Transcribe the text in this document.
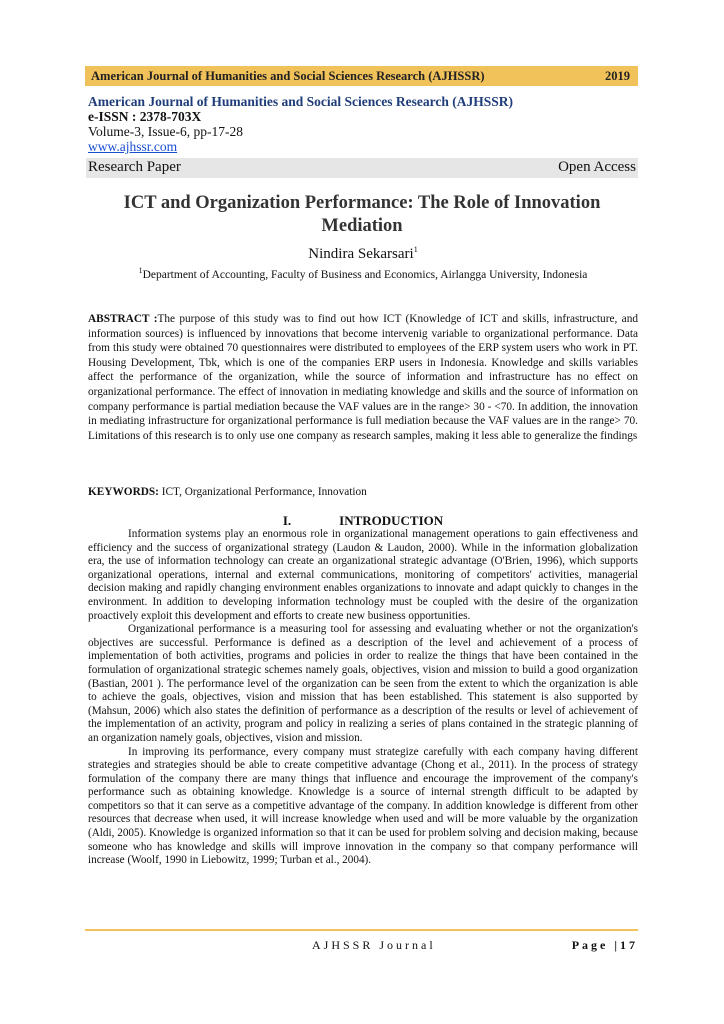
American Journal of Humanities and Social Sciences Research (AJHSSR)	2019
American Journal of Humanities and Social Sciences Research (AJHSSR)
e-ISSN : 2378-703X
Volume-3, Issue-6, pp-17-28
www.ajhssr.com
Research Paper	Open Access
ICT and Organization Performance: The Role of Innovation Mediation
Nindira Sekarsari$^1$
$^1$Department of Accounting, Faculty of Business and Economics, Airlangga University, Indonesia
ABSTRACT :The purpose of this study was to find out how ICT (Knowledge of ICT and skills, infrastructure, and information sources) is influenced by innovations that become intervenig variable to organizational performance. Data from this study were obtained 70 questionnaires were distributed to employees of the ERP system users who work in PT. Housing Development, Tbk, which is one of the companies ERP users in Indonesia. Knowledge and skills variables affect the performance of the organization, while the source of information and infrastructure has no effect on organizational performance. The effect of innovation in mediating knowledge and skills and the source of information on company performance is partial mediation because the VAF values are in the range> 30 - <70. In addition, the innovation in mediating infrastructure for organizational performance is full mediation because the VAF values are in the range> 70. Limitations of this research is to only use one company as research samples, making it less able to generalize the findings
KEYWORDS: ICT, Organizational Performance, Innovation
I.	INTRODUCTION

Information systems play an enormous role in organizational management operations to gain effectiveness and efficiency and the success of organizational strategy (Laudon & Laudon, 2000). While in the information globalization era, the use of information technology can create an organizational strategic advantage (O'Brien, 1996), which supports organizational operations, internal and external communications, monitoring of competitors' activities, managerial decision making and rapidly changing environment enables organizations to innovate and adapt quickly to changes in the environment. In addition to developing information technology must be coupled with the desire of the organization proactively exploit this development and efforts to create new business opportunities.

Organizational performance is a measuring tool for assessing and evaluating whether or not the organization's objectives are successful. Performance is defined as a description of the level and achievement of a process of implementation of both activities, programs and policies in order to realize the things that have been contained in the formulation of organizational strategic schemes namely goals, objectives, vision and mission to build a good organization (Bastian, 2001 ). The performance level of the organization can be seen from the extent to which the organization is able to achieve the goals, objectives, vision and mission that has been established. This statement is also supported by (Mahsun, 2006) which also states the definition of performance as a description of the results or level of achievement of the implementation of an activity, program and policy in realizing a series of plans contained in the strategic planning of an organization namely goals, objectives, vision and mission.

In improving its performance, every company must strategize carefully with each company having different strategies and strategies should be able to create competitive advantage (Chong et al., 2011). In the process of strategy formulation of the company there are many things that influence and encourage the improvement of the company's performance such as obtaining knowledge. Knowledge is a source of internal strength difficult to be adapted by competitors so that it can serve as a competitive advantage of the company. In addition knowledge is different from other resources that decrease when used, it will increase knowledge when used and will be more valuable by the organization (Aldi, 2005). Knowledge is organized information so that it can be used for problem solving and decision making, because someone who has knowledge and skills will improve innovation in the company so that company performance will increase (Woolf, 1990 in Liebowitz, 1999; Turban et al., 2004).

AJHSSR Journal	Page |17
